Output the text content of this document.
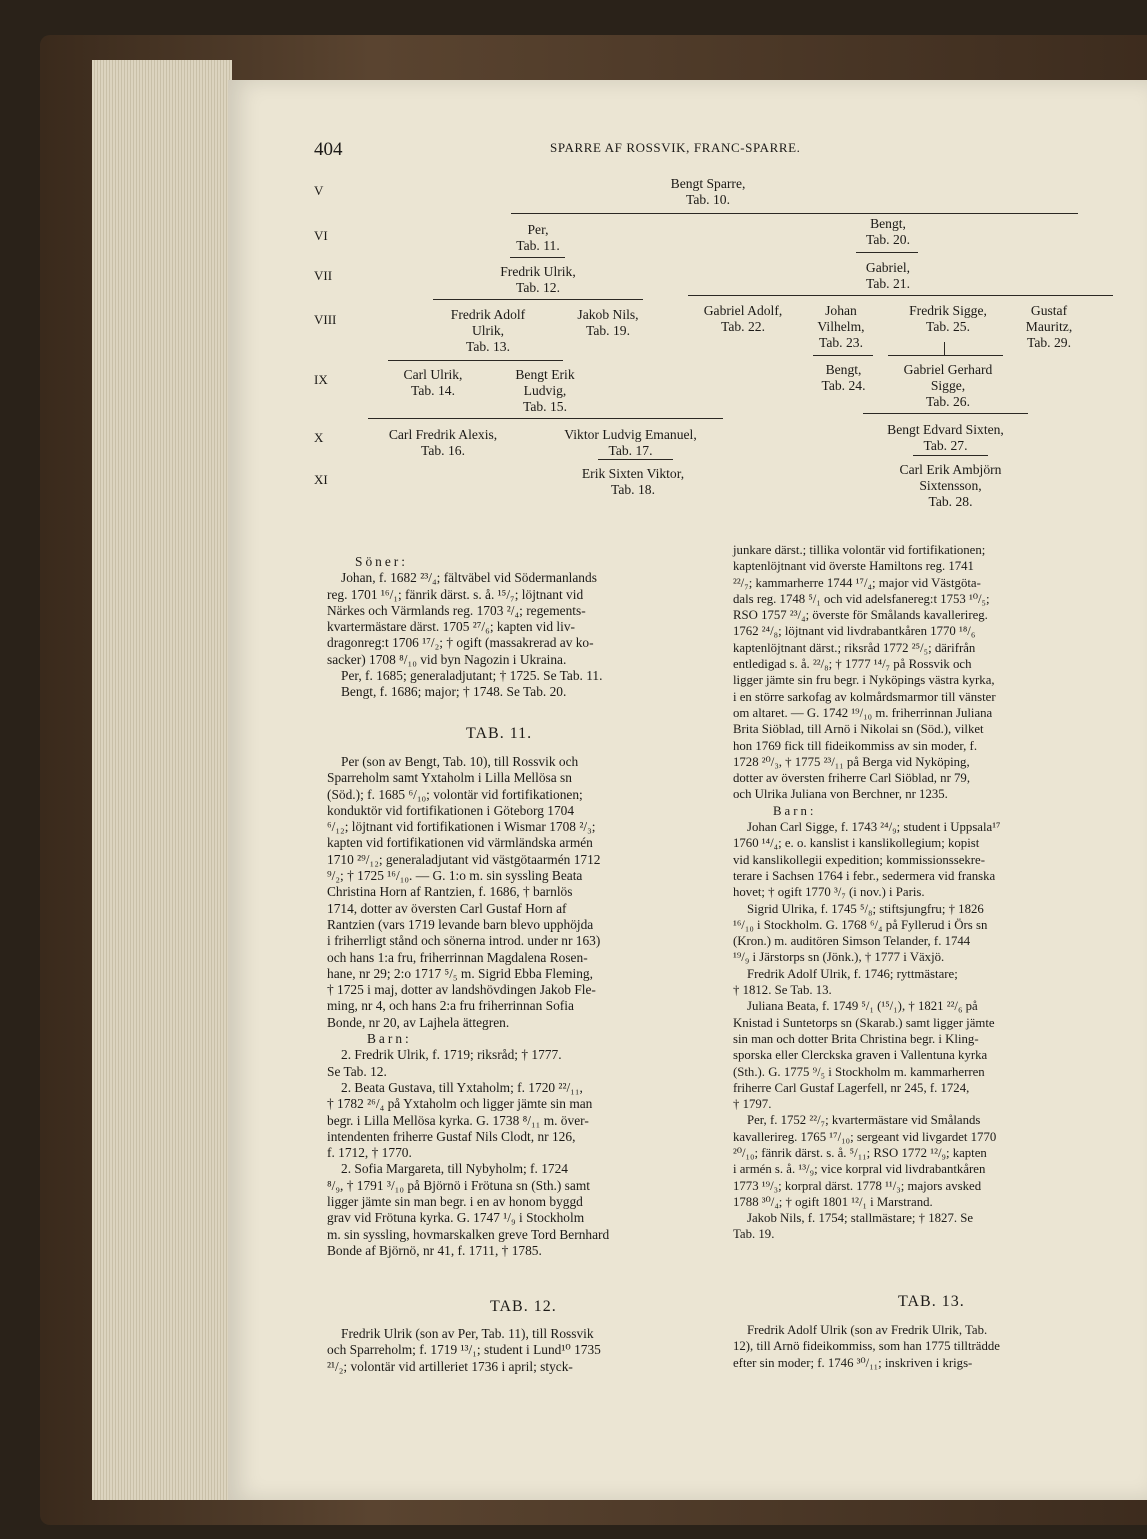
404	SPARRE AF ROSSVIK, FRANC-SPARRE.
V
VI
VII
VIII
IX
X
XI
Bengt Sparre,
Tab. 10.
Per,
Tab. 11.
Bengt,
Tab. 20.
Fredrik Ulrik,
Tab. 12.
Gabriel,
Tab. 21.
Fredrik Adolf
Ulrik,
Tab. 13.
Jakob Nils,
Tab. 19.
Gabriel Adolf,
Tab. 22.
Johan
Vilhelm,
Tab. 23.
Fredrik Sigge,
Tab. 25.
Gustaf
Mauritz,
Tab. 29.
Carl Ulrik,
Tab. 14.
Bengt Erik
Ludvig,
Tab. 15.
Bengt,
Tab. 24.
Gabriel Gerhard
Sigge,
Tab. 26.
Carl Fredrik Alexis,
Tab. 16.
Viktor Ludvig Emanuel,
Tab. 17.
Bengt Edvard Sixten,
Tab. 27.
Erik Sixten Viktor,
Tab. 18.
Carl Erik Ambjörn
Sixtensson,
Tab. 28.

Söner:

Johan, f. 1682 ²³/₄; fältväbel vid Södermanlands

reg. 1701 ¹⁶/₁; fänrik därst. s. å. ¹⁵/₇; löjtnant vid

Närkes och Värmlands reg. 1703 ²/₄; regements-

kvartermästare därst. 1705 ²⁷/₆; kapten vid liv-

dragonreg:t 1706 ¹⁷/₂; † ogift (massakrerad av ko-

sacker) 1708 ⁸/₁₀ vid byn Nagozin i Ukraina.

Per, f. 1685; generaladjutant; † 1725. Se Tab. 11.

Bengt, f. 1686; major; † 1748. Se Tab. 20.

TAB. 11.

Per (son av Bengt, Tab. 10), till Rossvik och

Sparreholm samt Yxtaholm i Lilla Mellösa sn

(Söd.); f. 1685 ⁶/₁₀; volontär vid fortifikationen;

konduktör vid fortifikationen i Göteborg 1704

⁶/₁₂; löjtnant vid fortifikationen i Wismar 1708 ²/₃;

kapten vid fortifikationen vid värmländska armén

1710 ²⁹/₁₂; generaladjutant vid västgötaarmén 1712

⁹/₂; † 1725 ¹⁶/₁₀. — G. 1:o m. sin syssling Beata

Christina Horn af Rantzien, f. 1686, † barnlös

1714, dotter av översten Carl Gustaf Horn af

Rantzien (vars 1719 levande barn blevo upphöjda

i friherrligt stånd och sönerna introd. under nr 163)

och hans 1:a fru, friherrinnan Magdalena Rosen-

hane, nr 29; 2:o 1717 ⁵/₅ m. Sigrid Ebba Fleming,

† 1725 i maj, dotter av landshövdingen Jakob Fle-

ming, nr 4, och hans 2:a fru friherrinnan Sofia

Bonde, nr 20, av Lajhela ättegren.

Barn:

2. Fredrik Ulrik, f. 1719; riksråd; † 1777.

Se Tab. 12.

2. Beata Gustava, till Yxtaholm; f. 1720 ²²/₁₁,

† 1782 ²⁶/₄ på Yxtaholm och ligger jämte sin man

begr. i Lilla Mellösa kyrka. G. 1738 ⁸/₁₁ m. över-

intendenten friherre Gustaf Nils Clodt, nr 126,

f. 1712, † 1770.

2. Sofia Margareta, till Nybyholm; f. 1724

⁸/₉, † 1791 ³/₁₀ på Björnö i Frötuna sn (Sth.) samt

ligger jämte sin man begr. i en av honom byggd

grav vid Frötuna kyrka. G. 1747 ¹/₉ i Stockholm

m. sin syssling, hovmarskalken greve Tord Bernhard

Bonde af Björnö, nr 41, f. 1711, † 1785.

TAB. 12.

Fredrik Ulrik (son av Per, Tab. 11), till Rossvik

och Sparreholm; f. 1719 ¹³/₁; student i Lund¹⁰ 1735

²¹/₂; volontär vid artilleriet 1736 i april; styck-

junkare därst.; tillika volontär vid fortifikationen;

kaptenlöjtnant vid överste Hamiltons reg. 1741

²²/₇; kammarherre 1744 ¹⁷/₄; major vid Västgöta-

dals reg. 1748 ⁵/₁ och vid adelsfanereg:t 1753 ¹⁰/₅;

RSO 1757 ²³/₄; överste för Smålands kavallerireg.

1762 ²⁴/₈; löjtnant vid livdrabantkåren 1770 ¹⁸/₆

kaptenlöjtnant därst.; riksråd 1772 ²⁵/₅; därifrån

entledigad s. å. ²²/₈; † 1777 ¹⁴/₇ på Rossvik och

ligger jämte sin fru begr. i Nyköpings västra kyrka,

i en större sarkofag av kolmårdsmarmor till vänster

om altaret. — G. 1742 ¹⁹/₁₀ m. friherrinnan Juliana

Brita Siöblad, till Arnö i Nikolai sn (Söd.), vilket

hon 1769 fick till fideikommiss av sin moder, f.

1728 ²⁰/₃, † 1775 ²³/₁₁ på Berga vid Nyköping,

dotter av översten friherre Carl Siöblad, nr 79,

och Ulrika Juliana von Berchner, nr 1235.

Barn:

Johan Carl Sigge, f. 1743 ²⁴/₉; student i Uppsala¹⁷

1760 ¹⁴/₄; e. o. kanslist i kanslikollegium; kopist

vid kanslikollegii expedition; kommissionssekre-

terare i Sachsen 1764 i febr., sedermera vid franska

hovet; † ogift 1770 ³/₇ (i nov.) i Paris.

Sigrid Ulrika, f. 1745 ⁵/₈; stiftsjungfru; † 1826

¹⁶/₁₀ i Stockholm. G. 1768 ⁶/₄ på Fyllerud i Örs sn

(Kron.) m. auditören Simson Telander, f. 1744

¹⁹/₉ i Järstorps sn (Jönk.), † 1777 i Växjö.

Fredrik Adolf Ulrik, f. 1746; ryttmästare;

† 1812. Se Tab. 13.

Juliana Beata, f. 1749 ⁵/₁ (¹⁵/₁), † 1821 ²²/₆ på

Knistad i Suntetorps sn (Skarab.) samt ligger jämte

sin man och dotter Brita Christina begr. i Kling-

sporska eller Clerckska graven i Vallentuna kyrka

(Sth.). G. 1775 ⁹/₅ i Stockholm m. kammarherren

friherre Carl Gustaf Lagerfell, nr 245, f. 1724,

† 1797.

Per, f. 1752 ²²/₇; kvartermästare vid Smålands

kavallerireg. 1765 ¹⁷/₁₀; sergeant vid livgardet 1770

²⁰/₁₀; fänrik därst. s. å. ⁵/₁₁; RSO 1772 ¹²/₉; kapten

i armén s. å. ¹³/₉; vice korpral vid livdrabantkåren

1773 ¹⁹/₃; korpral därst. 1778 ¹¹/₃; majors avsked

1788 ³⁰/₄; † ogift 1801 ¹²/₁ i Marstrand.

Jakob Nils, f. 1754; stallmästare; † 1827. Se

Tab. 19.

TAB. 13.

Fredrik Adolf Ulrik (son av Fredrik Ulrik, Tab.

12), till Arnö fideikommiss, som han 1775 tillträdde

efter sin moder; f. 1746 ³⁰/₁₁; inskriven i krigs-
